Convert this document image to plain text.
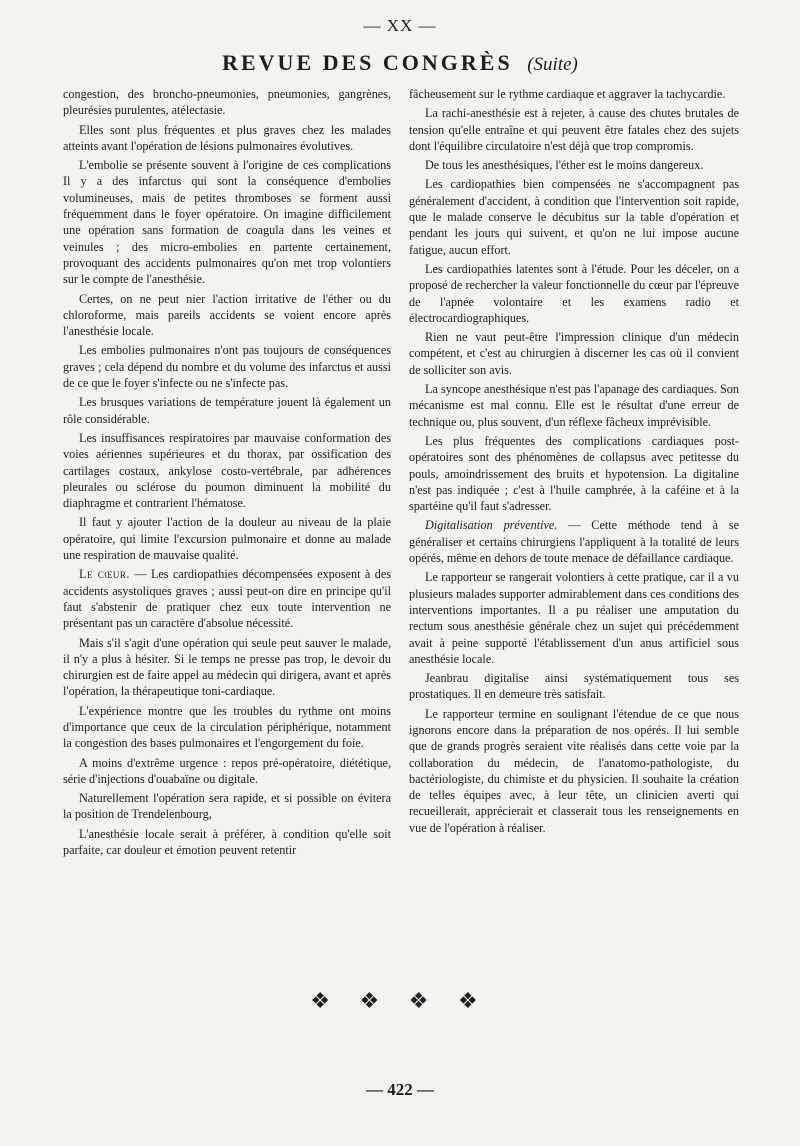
— XX —
REVUE DES CONGRÈS (Suite)

congestion, des broncho-pneumonies, pneumonies, gangrènes, pleurésies purulentes, atélectasie.

Elles sont plus fréquentes et plus graves chez les malades atteints avant l'opération de lésions pulmonaires évolutives.

L'embolie se présente souvent à l'origine de ces complications Il y a des infarctus qui sont la conséquence d'embolies volumineuses, mais de petites thromboses se forment aussi fréquemment dans le foyer opératoire. On imagine difficilement une opération sans formation de coagula dans les veines et veinules ; des micro-embolies en partente certainement, provoquant des accidents pulmonaires qu'on met trop volontiers sur le compte de l'anesthésie.

Certes, on ne peut nier l'action irritative de l'éther ou du chloroforme, mais pareils accidents se voient encore après l'anesthésie locale.

Les embolies pulmonaires n'ont pas toujours de conséquences graves ; cela dépend du nombre et du volume des infarctus et aussi de ce que le foyer s'infecte ou ne s'infecte pas.

Les brusques variations de température jouent là également un rôle considérable.

Les insuffisances respiratoires par mauvaise conformation des voies aériennes supérieures et du thorax, par ossification des cartilages costaux, ankylose costo-vertébrale, par adhérences pleurales ou sclérose du poumon diminuent la mobilité du diaphragme et contrarient l'hématose.

Il faut y ajouter l'action de la douleur au niveau de la plaie opératoire, qui limite l'excursion pulmonaire et donne au malade une respiration de mauvaise qualité.

Le cœur. — Les cardiopathies décompensées exposent à des accidents asystoliques graves ; aussi peut-on dire en principe qu'il faut s'abstenir de pratiquer chez eux toute intervention ne présentant pas un caractère d'absolue nécessité.

Mais s'il s'agit d'une opération qui seule peut sauver le malade, il n'y a plus à hésiter. Si le temps ne presse pas trop, le devoir du chirurgien est de faire appel au médecin qui dirigera, avant et après l'opération, la thérapeutique toni-cardiaque.

L'expérience montre que les troubles du rythme ont moins d'importance que ceux de la circulation périphérique, notamment la congestion des bases pulmonaires et l'engorgement du foie.

A moins d'extrême urgence : repos pré-opératoire, diététique, série d'injections d'ouabaïne ou digitale.

Naturellement l'opération sera rapide, et si possible on évitera la position de Trendelenbourg,

L'anesthésie locale serait à préférer, à condition qu'elle soit parfaite, car douleur et émotion peuvent retentir

fâcheusement sur le rythme cardiaque et aggraver la tachycardie.

La rachi-anesthésie est à rejeter, à cause des chutes brutales de tension qu'elle entraîne et qui peuvent être fatales chez des sujets dont l'équilibre circulatoire n'est déjà que trop compromis.

De tous les anesthésiques, l'éther est le moins dangereux.

Les cardiopathies bien compensées ne s'accompagnent pas généralement d'accident, à condition que l'intervention soit rapide, que le malade conserve le décubitus sur la table d'opération et pendant les jours qui suivent, et qu'on ne lui impose aucune fatigue, aucun effort.

Les cardiopathies latentes sont à l'étude. Pour les déceler, on a proposé de rechercher la valeur fonctionnelle du cœur par l'épreuve de l'apnée volontaire et les examens radio et électrocardiographiques.

Rien ne vaut peut-être l'impression clinique d'un médecin compétent, et c'est au chirurgien à discerner les cas où il convient de solliciter son avis.

La syncope anesthésique n'est pas l'apanage des cardiaques. Son mécanisme est mal connu. Elle est le résultat d'une erreur de technique ou, plus souvent, d'un réflexe fâcheux imprévisible.

Les plus fréquentes des complications cardiaques post-opératoires sont des phénomènes de collapsus avec petitesse du pouls, amoindrissement des bruits et hypotension. La digitaline n'est pas indiquée ; c'est à l'huile camphrée, à la caféine et à la spartéine qu'il faut s'adresser.

Digitalisation préventive. — Cette méthode tend à se généraliser et certains chirurgiens l'appliquent à la totalité de leurs opérés, même en dehors de toute menace de défaillance cardiaque.

Le rapporteur se rangerait volontiers à cette pratique, car il a vu plusieurs malades supporter admirablement dans ces conditions des interventions importantes. Il a pu réaliser une amputation du rectum sous anesthésie générale chez un sujet qui précédemment avait à peine supporté l'établissement d'un anus artificiel sous anesthésie locale.

Jeanbrau digitalise ainsi systématiquement tous ses prostatiques. Il en demeure très satisfait.

Le rapporteur termine en soulignant l'étendue de ce que nous ignorons encore dans la préparation de nos opérés. Il lui semble que de grands progrès seraient vite réalisés dans cette voie par la collaboration du médecin, de l'anatomo-pathologiste, du bactériologiste, du chimiste et du physicien. Il souhaite la création de telles équipes avec, à leur tête, un clinicien averti qui recueillerait, apprécierait et classerait tous les renseignements en vue de l'opération à réaliser.

❖ ❖ ❖ ❖
— 422 —
